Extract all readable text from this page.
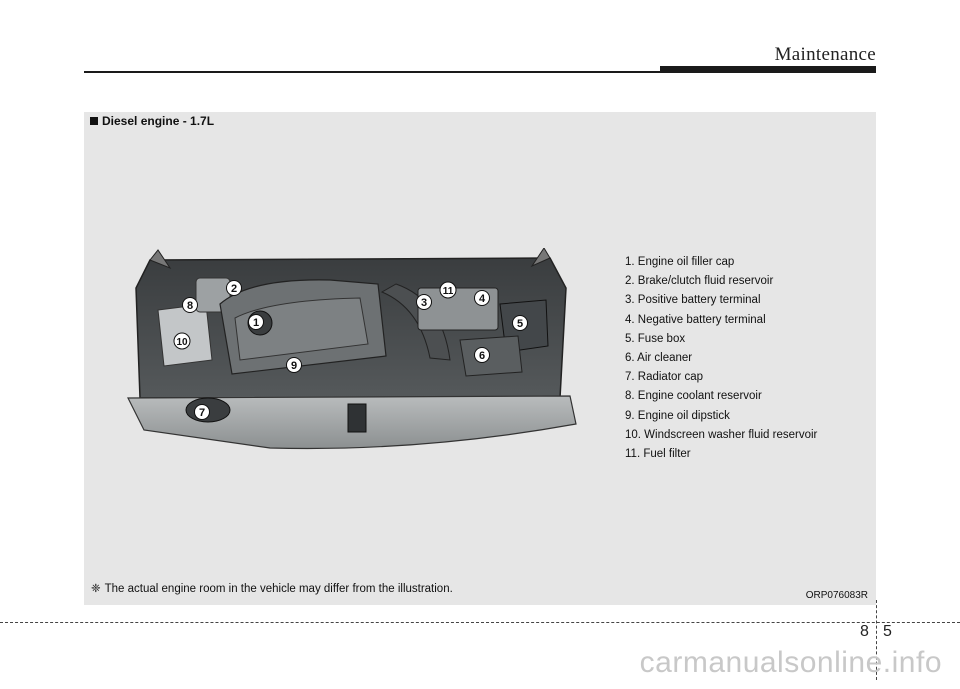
Maintenance
Diesel engine - 1.7L
1
2
3	4
5
6
7
8
9
10
11
1. Engine oil filler cap
2. Brake/clutch fluid reservoir
3. Positive battery terminal
4. Negative battery terminal
5. Fuse box
6. Air cleaner
7. Radiator cap
8. Engine coolant reservoir
9. Engine oil dipstick
10. Windscreen washer fluid reservoir
11. Fuel filter
❈ The actual engine room in the vehicle may differ from the illustration.
ORP076083R
8 5
carmanualsonline.info
